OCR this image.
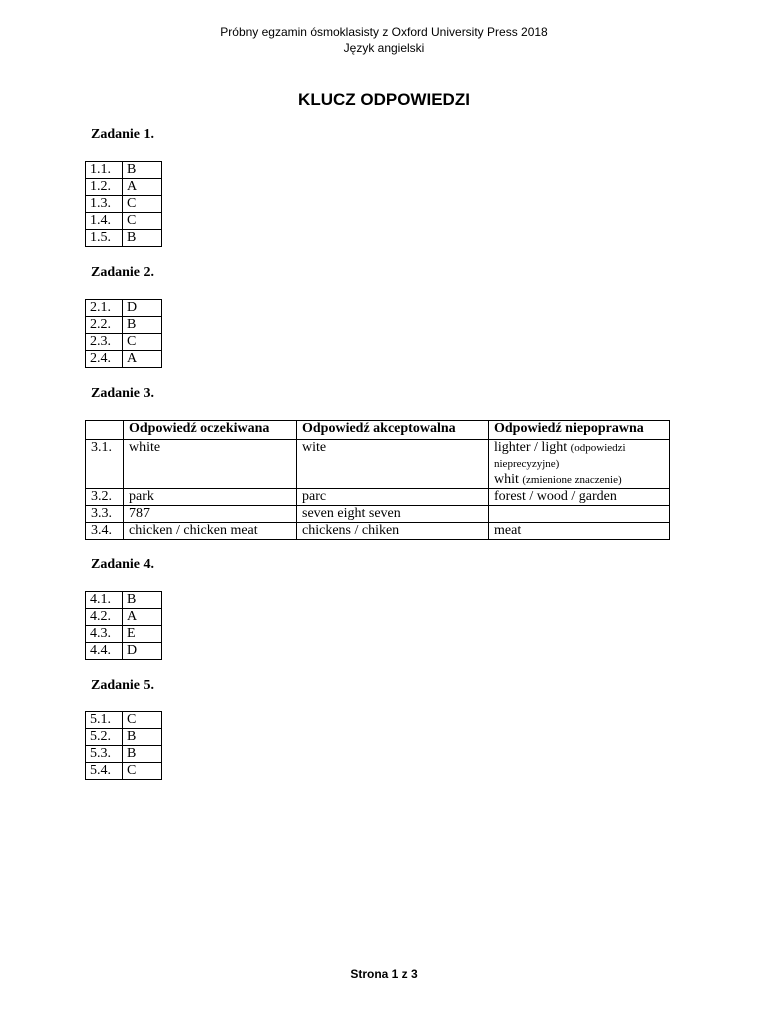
Próbny egzamin ósmoklasisty z Oxford University Press 2018
Język angielski
KLUCZ ODPOWIEDZI
Zadanie 1.
1.1.	B
1.2.	A
1.3.	C
1.4.	C
1.5.	B
Zadanie 2.
2.1.	D
2.2.	B
2.3.	C
2.4.	A
Zadanie 3.
	Odpowiedź oczekiwana	Odpowiedź akceptowalna	Odpowiedź niepoprawna
3.1.	white	wite	lighter / light (odpowiedzi nieprecyzyjne)
whit (zmienione znaczenie)
3.2.	park	parc	forest / wood / garden
3.3.	787	seven eight seven	
3.4.	chicken / chicken meat	chickens / chiken	meat
Zadanie 4.
4.1.	B
4.2.	A
4.3.	E
4.4.	D
Zadanie 5.
5.1.	C
5.2.	B
5.3.	B
5.4.	C
Strona 1 z 3
